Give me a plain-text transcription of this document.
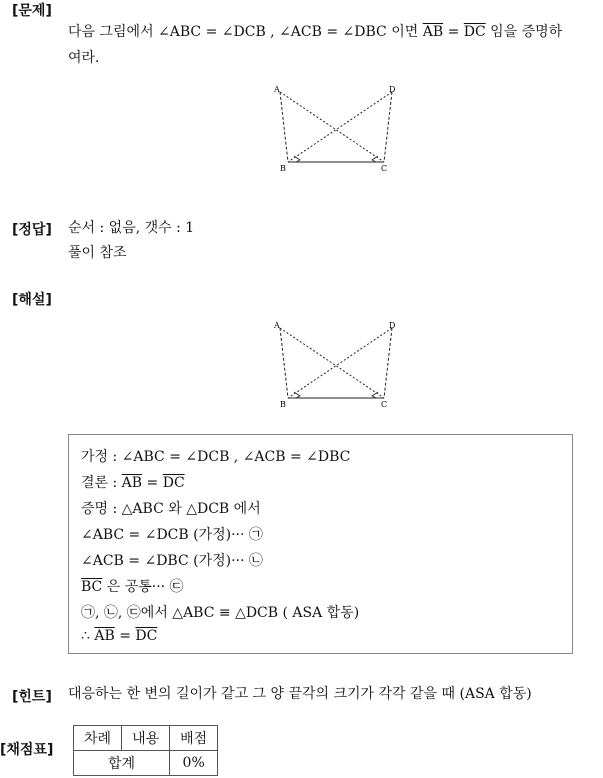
[문제]
다음 그림에서 ∠ABC = ∠DCB , ∠ACB = ∠DBC 이면 $\overline{AB} = \overline{DC}$ 임을 증명하
여라.
A	D
B	C
[정답] 순서 : 없음, 갯수 : 1
풀이 참조
[해설]
A	D
B	C
가정 : ∠ABC = ∠DCB , ∠ACB = ∠DBC
결론 : $\overline{AB} = \overline{DC}$
증명 : △ABC 와 △DCB 에서
∠ABC = ∠DCB (가정)··· ㉠
∠ACB = ∠DBC (가정)··· ㉡
$\overline{BC}$ 은 공통··· ㉢
㉠, ㉡, ㉢에서 △ABC ≡ △DCB ( ASA 합동)
∴ $\overline{AB} = \overline{DC}$
[힌트] 대응하는 한 변의 길이가 같고 그 양 끝각의 크기가 각각 같을 때 (ASA 합동)
[채점표]
차례	내용	배점
합계		0%
